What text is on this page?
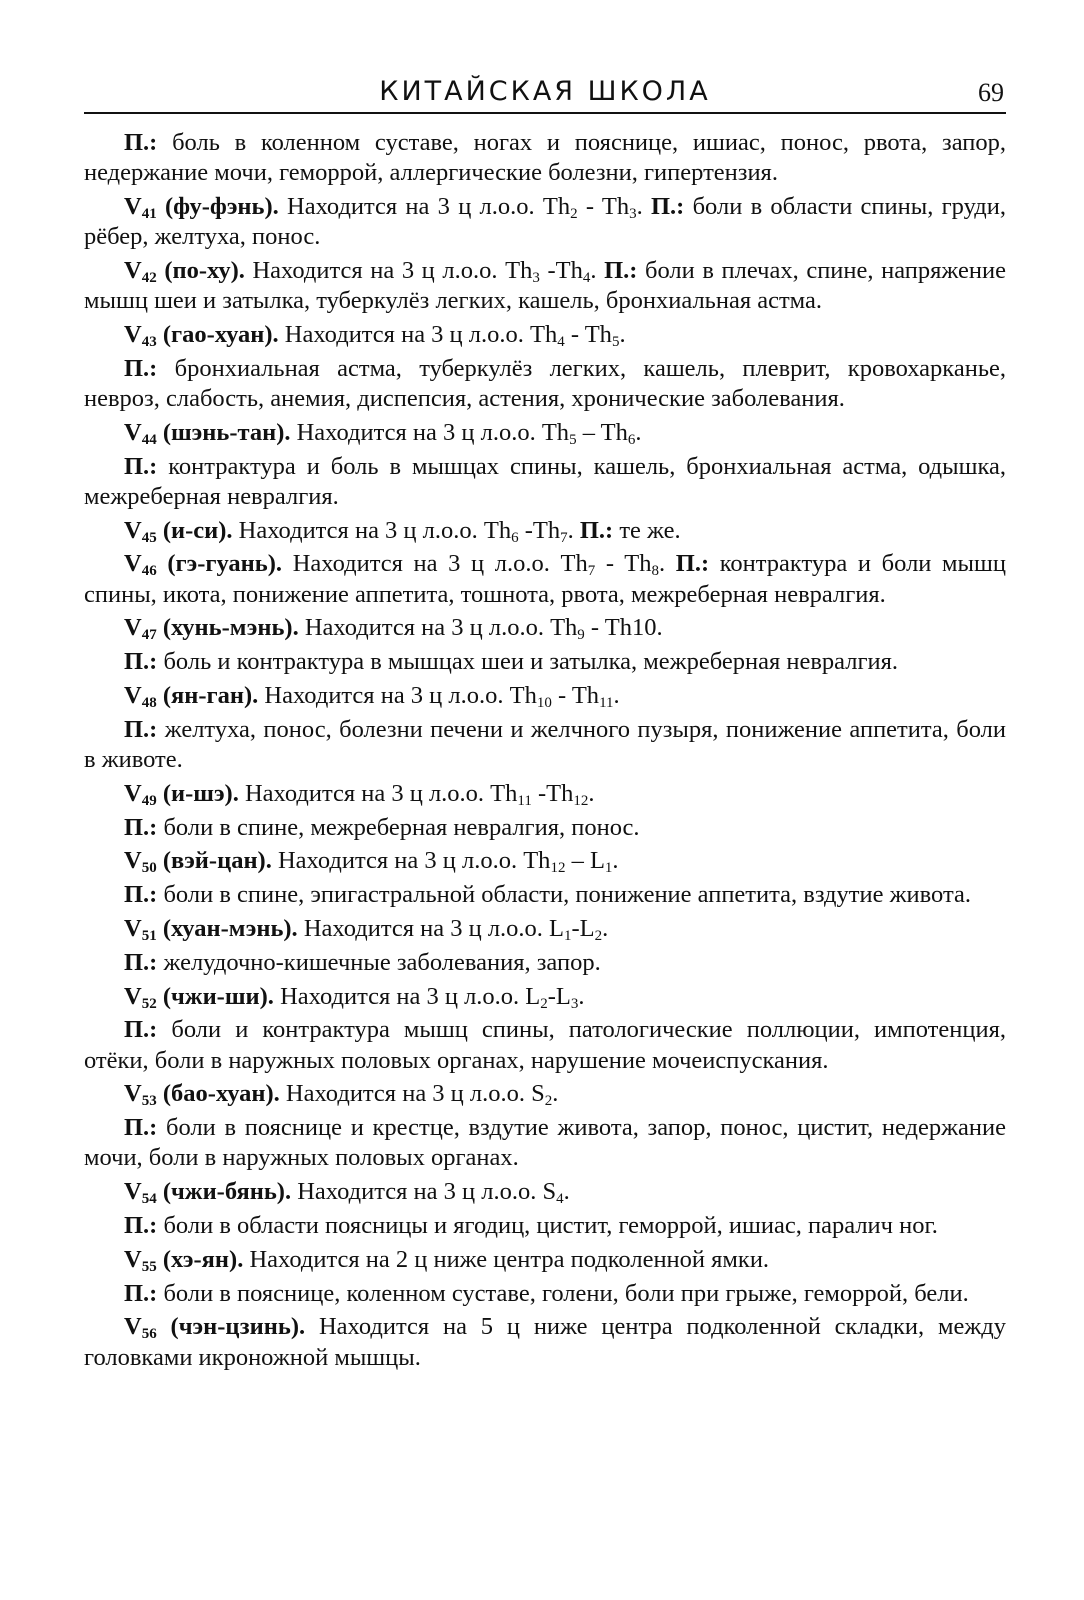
КИТАЙСКАЯ ШКОЛА	69

П.: боль в коленном суставе, ногах и пояснице, ишиас, понос, рвота, запор, недержание мочи, геморрой, аллергические болезни, гипертензия.

$V_{41}$ (фу-фэнь). Находится на 3 ц л.о.о. $Th_2 - Th_3$. П.: боли в области спины, груди, рёбер, желтуха, понос.

$V_{42}$ (по-ху). Находится на 3 ц л.о.о. $Th_3$ $-Th_4$. П.: боли в плечах, спине, напряжение мышц шеи и затылка, туберкулёз легких, кашель, бронхиальная астма.

$V_{43}$ (гао-хуан). Находится на 3 ц л.о.о. $Th_4 - Th_5$.

П.: бронхиальная астма, туберкулёз легких, кашель, плеврит, кровохарканье, невроз, слабость, анемия, диспепсия, астения, хронические заболевания.

$V_{44}$ (шэнь-тан). Находится на 3 ц л.о.о. $Th_5 - Th_6$.

П.: контрактура и боль в мышцах спины, кашель, бронхиальная астма, одышка, межреберная невралгия.

$V_{45}$ (и-си). Находится на 3 ц л.о.о. $Th_6$ $-Th_7$. П.: те же.

$V_{46}$ (гэ-гуань). Находится на 3 ц л.о.о. $Th_7 - Th_8$. П.: контрактура и боли мышц спины, икота, понижение аппетита, тошнота, рвота, межреберная невралгия.

$V_{47}$ (хунь-мэнь). Находится на 3 ц л.о.о. $Th_9 - Th10$.

П.: боль и контрактура в мышцах шеи и затылка, межреберная невралгия.

$V_{48}$ (ян-ган). Находится на 3 ц л.о.о. $Th_{10} - Th_{11}$.

П.: желтуха, понос, болезни печени и желчного пузыря, понижение аппетита, боли в животе.

$V_{49}$ (и-шэ). Находится на 3 ц л.о.о. $Th_{11}$ $-Th_{12}$.

П.: боли в спине, межреберная невралгия, понос.

$V_{50}$ (вэй-цан). Находится на 3 ц л.о.о. $Th_{12} - L_1$.

П.: боли в спине, эпигастральной области, понижение аппетита, вздутие живота.

$V_{51}$ (хуан-мэнь). Находится на 3 ц л.о.о. $L_1-L_2$.

П.: желудочно-кишечные заболевания, запор.

$V_{52}$ (чжи-ши). Находится на 3 ц л.о.о. $L_2-L_3$.

П.: боли и контрактура мышц спины, патологические поллюции, импотенция, отёки, боли в наружных половых органах, нарушение мочеиспускания.

$V_{53}$ (бао-хуан). Находится на 3 ц л.о.о. $S_2$.

П.: боли в пояснице и крестце, вздутие живота, запор, понос, цистит, недержание мочи, боли в наружных половых органах.

$V_{54}$ (чжи-бянь). Находится на 3 ц л.о.о. $S_4$.

П.: боли в области поясницы и ягодиц, цистит, геморрой, ишиас, паралич ног.

$V_{55}$ (хэ-ян). Находится на 2 ц ниже центра подколенной ямки.

П.: боли в пояснице, коленном суставе, голени, боли при грыже, геморрой, бели.

$V_{56}$ (чэн-цзинь). Находится на 5 ц ниже центра подколенной складки, между головками икроножной мышцы.
